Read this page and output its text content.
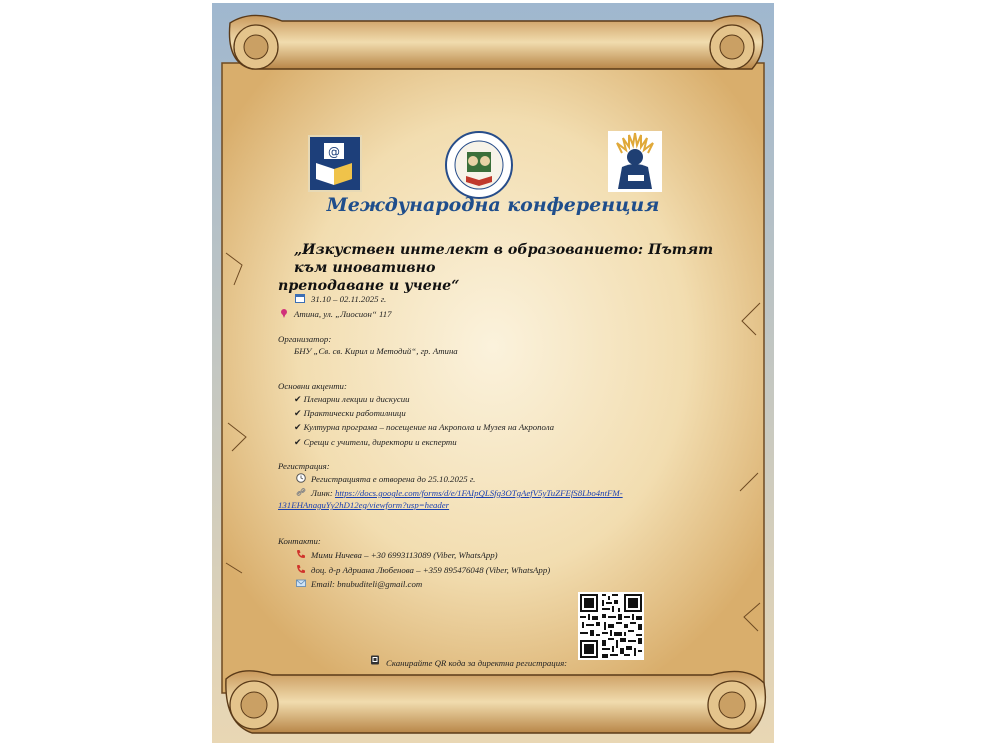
@
Международна конференция
„Изкуствен интелект в образованието: Пътят към иновативно
преподаване и учене“
31.10 – 02.11.2025 г.
Атина, ул. „Лиосион“ 117
Организатор:
БНУ „Св. св. Кирил и Методий“, гр. Атина
Основни акценти:
✔ Пленарни лекции и дискусии
✔ Практически работилници
✔ Културна програма – посещение на Акропола и Музея на Акропола
✔ Срещи с учители, директори и експерти
Регистрация:
Регистрацията е отворена до 25.10.2025 г.
Линк: https://docs.google.com/forms/d/e/1FAIpQLSfg3OTgAefV5yTuZFEfS8Lbo4ntFM-
131EHAnaguYy2hD12eg/viewform?usp=header
Контакти:
Мими Ничева – +30 6993113089 (Viber, WhatsApp)
доц. д-р Адриана Любенова – +359 895476048 (Viber, WhatsApp)
Email: bnubuditeli@gmail.com
Сканирайте QR кода за директна регистрация:
